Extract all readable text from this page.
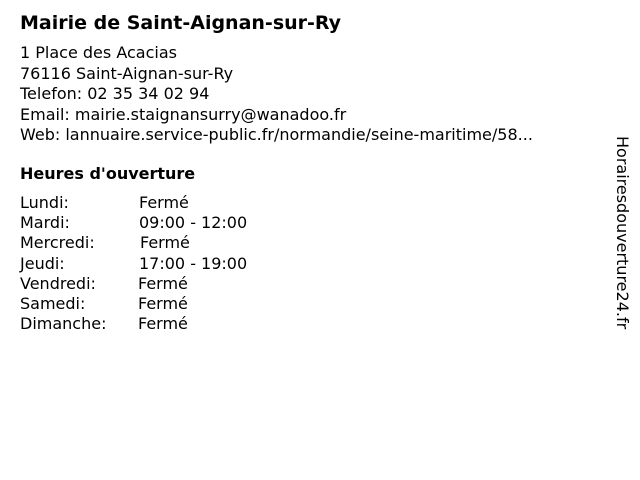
Mairie de Saint-Aignan-sur-Ry
1 Place des Acacias
76116 Saint-Aignan-sur-Ry
Telefon: 02 35 34 02 94
Email: mairie.staignansurry@wanadoo.fr
Web: lannuaire.service-public.fr/normandie/seine-maritime/58...
Heures d'ouverture
Lundi:	Fermé
Mardi:	09:00 - 12:00
Mercredi:	Fermé
Jeudi:	17:00 - 19:00
Vendredi:	Fermé
Samedi:	Fermé
Dimanche: Fermé	Horairesdouverture24.fr
